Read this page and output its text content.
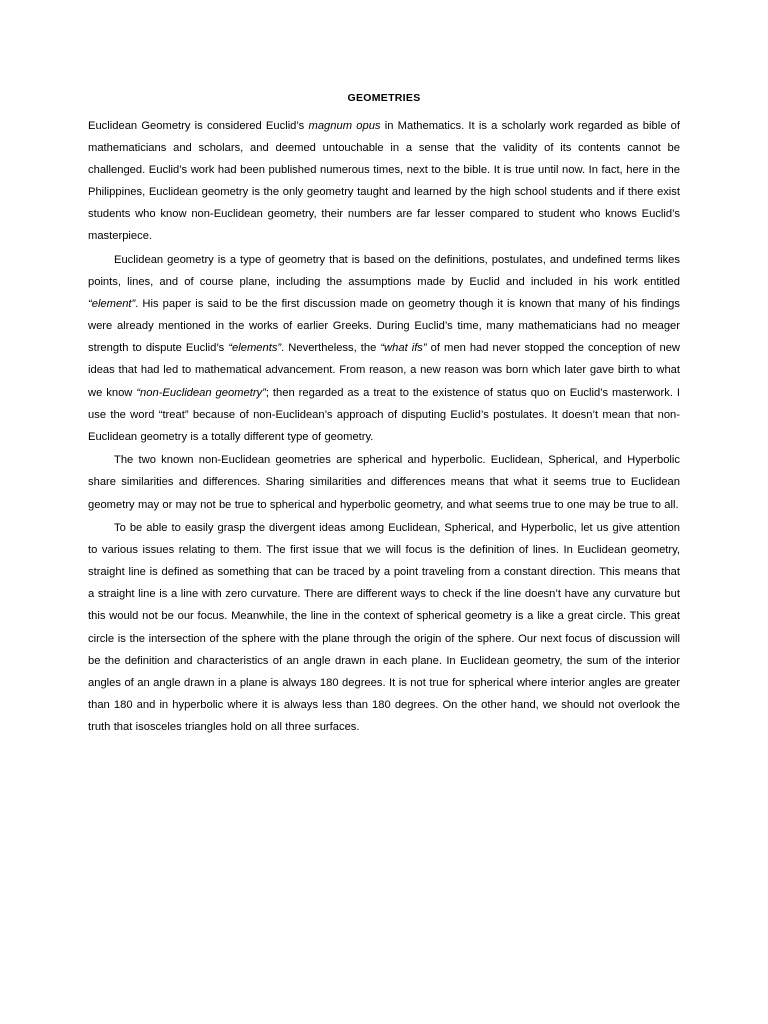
GEOMETRIES

Euclidean Geometry is considered Euclid’s magnum opus in Mathematics. It is a scholarly work regarded as bible of mathematicians and scholars, and deemed untouchable in a sense that the validity of its contents cannot be challenged. Euclid’s work had been published numerous times, next to the bible. It is true until now. In fact, here in the Philippines, Euclidean geometry is the only geometry taught and learned by the high school students and if there exist students who know non-Euclidean geometry, their numbers are far lesser compared to student who knows Euclid’s masterpiece.

Euclidean geometry is a type of geometry that is based on the definitions, postulates, and undefined terms likes points, lines, and of course plane, including the assumptions made by Euclid and included in his work entitled “element”. His paper is said to be the first discussion made on geometry though it is known that many of his findings were already mentioned in the works of earlier Greeks. During Euclid’s time, many mathematicians had no meager strength to dispute Euclid’s “elements”. Nevertheless, the “what ifs” of men had never stopped the conception of new ideas that had led to mathematical advancement. From reason, a new reason was born which later gave birth to what we know “non-Euclidean geometry”; then regarded as a treat to the existence of status quo on Euclid’s masterwork. I use the word “treat” because of non-Euclidean’s approach of disputing Euclid’s postulates. It doesn’t mean that non-Euclidean geometry is a totally different type of geometry.

The two known non-Euclidean geometries are spherical and hyperbolic. Euclidean, Spherical, and Hyperbolic share similarities and differences. Sharing similarities and differences means that what it seems true to Euclidean geometry may or may not be true to spherical and hyperbolic geometry, and what seems true to one may be true to all.

To be able to easily grasp the divergent ideas among Euclidean, Spherical, and Hyperbolic, let us give attention to various issues relating to them. The first issue that we will focus is the definition of lines. In Euclidean geometry, straight line is defined as something that can be traced by a point traveling from a constant direction. This means that a straight line is a line with zero curvature. There are different ways to check if the line doesn’t have any curvature but this would not be our focus. Meanwhile, the line in the context of spherical geometry is a like a great circle. This great circle is the intersection of the sphere with the plane through the origin of the sphere. Our next focus of discussion will be the definition and characteristics of an angle drawn in each plane. In Euclidean geometry, the sum of the interior angles of an angle drawn in a plane is always 180 degrees. It is not true for spherical where interior angles are greater than 180 and in hyperbolic where it is always less than 180 degrees. On the other hand, we should not overlook the truth that isosceles triangles hold on all three surfaces.
